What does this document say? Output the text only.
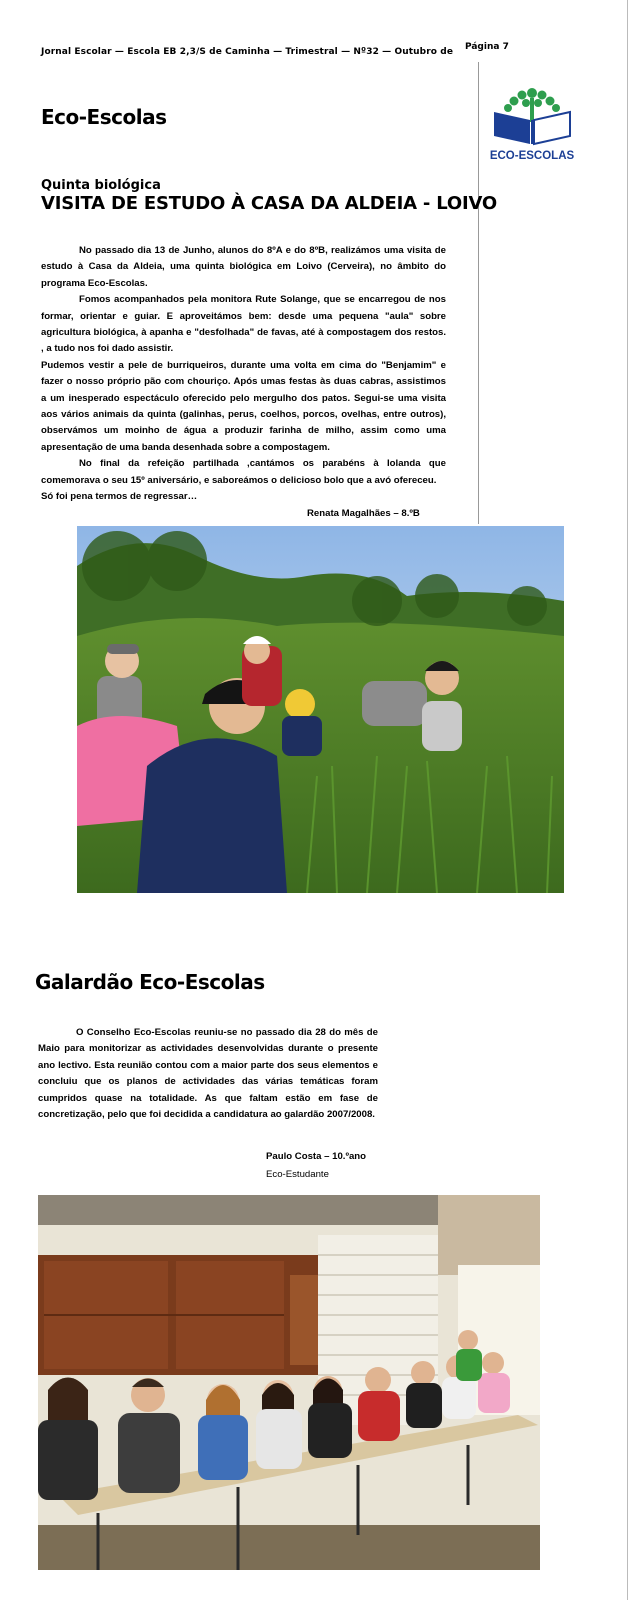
Jornal Escolar — Escola EB 2,3/S de Caminha — Trimestral — Nº32 — Outubro de Página 7
Eco-Escolas
ECO-ESCOLAS
Quinta biológica
VISITA DE ESTUDO À CASA DA ALDEIA - LOIVO

No passado dia 13 de Junho, alunos do 8ºA e do 8ºB, realizámos uma visita de estudo à Casa da Aldeia, uma quinta biológica em Loivo (Cerveira), no âmbito do programa Eco-Escolas.

Fomos acompanhados pela monitora Rute Solange, que se encarregou de nos formar, orientar e guiar. E aproveitámos bem: desde uma pequena "aula" sobre agricultura biológica, à apanha e "desfolhada" de favas, até à compostagem dos restos. , a tudo nos foi dado assistir.

Pudemos vestir a pele de burriqueiros, durante uma volta em cima do "Benjamim" e fazer o nosso próprio pão com chouriço. Após umas festas às duas cabras, assistimos a um inesperado espectáculo oferecido pelo mergulho dos patos. Segui-se uma visita aos vários animais da quinta (galinhas, perus, coelhos, porcos, ovelhas, entre outros), observámos um moinho de água a produzir farinha de milho, assim como uma apresentação de uma banda desenhada sobre a compostagem.

No final da refeição partilhada ,cantámos os parabéns à Iolanda que comemorava o seu 15º aniversário, e saboreámos o delicioso bolo que a avó ofereceu.

Só foi pena termos de regressar…

Renata Magalhães – 8.ºB
Galardão Eco-Escolas

O Conselho Eco-Escolas reuniu-se no passado dia 28 do mês de Maio para monitorizar as actividades desenvolvidas durante o presente ano lectivo. Esta reunião contou com a maior parte dos seus elementos e concluiu que os planos de actividades das várias temáticas foram cumpridos quase na totalidade. As que faltam estão em fase de concretização, pelo que foi decidida a candidatura ao galardão 2007/2008.

Paulo Costa – 10.ºano
Eco-Estudante
